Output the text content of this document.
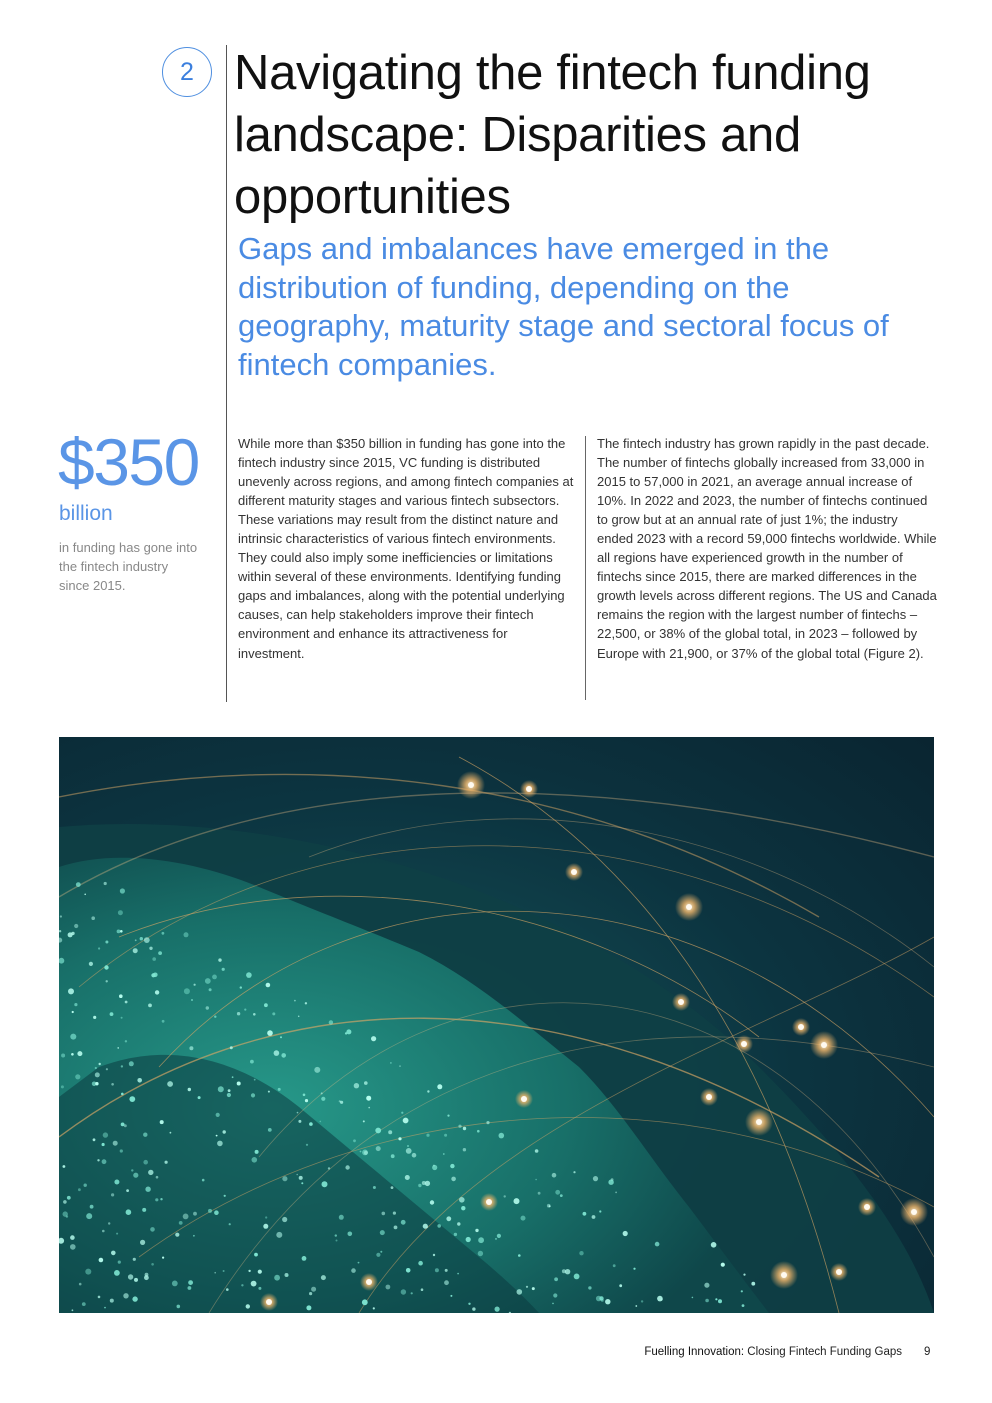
2 Navigating the fintech funding landscape: Disparities and opportunities

Gaps and imbalances have emerged in the distribution of funding, depending on the geography, maturity stage and sectoral focus of fintech companies.

$350
billion
in funding has gone into the fintech industry since 2015.

While more than $350 billion in funding has gone into the fintech industry since 2015, VC funding is distributed unevenly across regions, and among fintech companies at different maturity stages and various fintech subsectors. These variations may result from the distinct nature and intrinsic characteristics of various fintech environments. They could also imply some inefficiencies or limitations within several of these environments. Identifying funding gaps and imbalances, along with the potential underlying causes, can help stakeholders improve their fintech environment and enhance its attractiveness for investment.

The fintech industry has grown rapidly in the past decade. The number of fintechs globally increased from 33,000 in 2015 to 57,000 in 2021, an average annual increase of 10%. In 2022 and 2023, the number of fintechs continued to grow but at an annual rate of just 1%; the industry ended 2023 with a record 59,000 fintechs worldwide. While all regions have experienced growth in the number of fintechs since 2015, there are marked differences in the growth levels across different regions. The US and Canada remains the region with the largest number of fintechs – 22,500, or 38% of the global total, in 2023 – followed by Europe with 21,900, or 37% of the global total (Figure 2).

Fuelling Innovation: Closing Fintech Funding Gaps 9
